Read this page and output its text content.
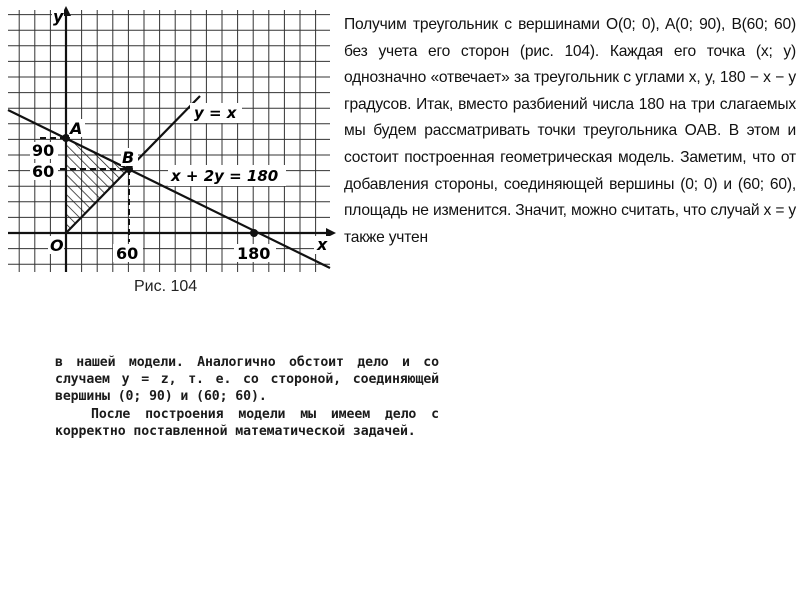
y
x
O
A
B
90
60
60	180
y = x
x + 2y = 180
Рис. 104

Получим треугольник с вершинами O(0; 0), A(0; 90), B(60; 60) без учета его сторон (рис. 104). Каждая его точка (x; y) однозначно «отвечает» за треугольник с углами x, y, 180 − x − y градусов. Итак, вместо разбиений числа 180 на три слагаемых мы будем рассматривать точки треугольника OAB. В этом и состоит построенная геометрическая модель. Заметим, что от добавления стороны, соединяющей вершины (0; 0) и (60; 60), площадь не изменится. Значит, можно считать, что случай x = y также учтен

в нашей модели. Аналогично обстоит дело и со случаем y = z, т. е. со стороной, соединяющей вершины (0; 90) и (60; 60).

После построения модели мы имеем дело с корректно поставленной математической задачей.
